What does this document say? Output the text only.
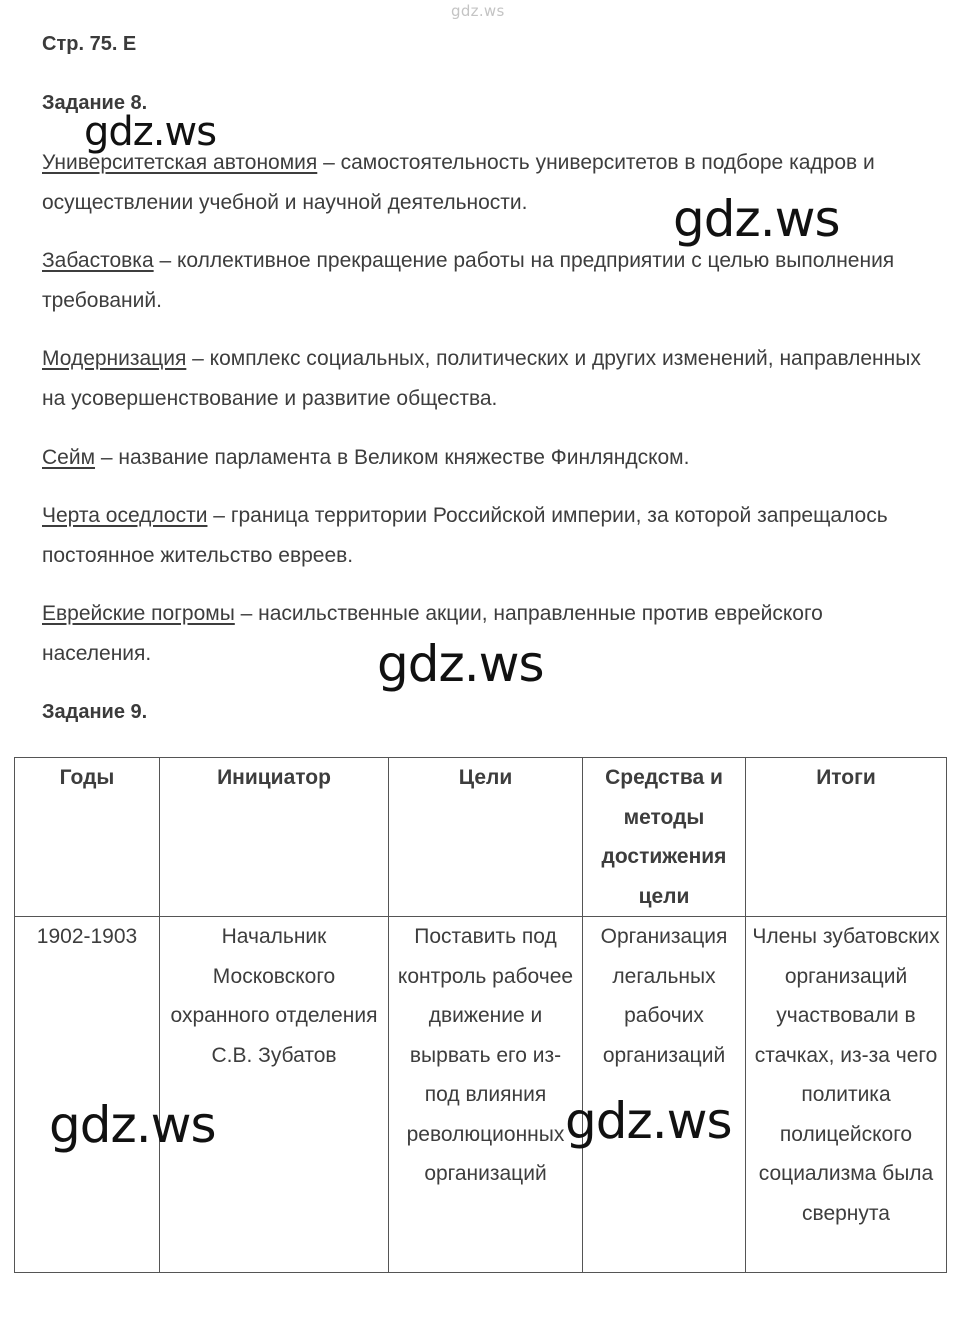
gdz.ws
Стр. 75. Е
Задание 8.
Университетская автономия – самостоятельность университетов в подборе кадров и осуществлении учебной и научной деятельности.
Забастовка – коллективное прекращение работы на предприятии с целью выполнения требований.
Модернизация – комплекс социальных, политических и других изменений, направленных на усовершенствование и развитие общества.
Сейм – название парламента в Великом княжестве Финляндском.
Черта оседлости – граница территории Российской империи, за которой запрещалось постоянное жительство евреев.
Еврейские погромы – насильственные акции, направленные против еврейского населения.
Задание 9.
Годы	Инициатор	Цели	Средства и методы достижения цели	Итоги
1902-1903	Начальник Московского охранного отделения С.В. Зубатов	Поставить под контроль рабочее движение и вырвать его из-под влияния революционных организаций	Организация легальных рабочих организаций	Члены зубатовских организаций участвовали в стачках, из-за чего политика полицейского социализма была свернута
gdz.ws
gdz.ws
gdz.ws
gdz.ws	gdz.ws
